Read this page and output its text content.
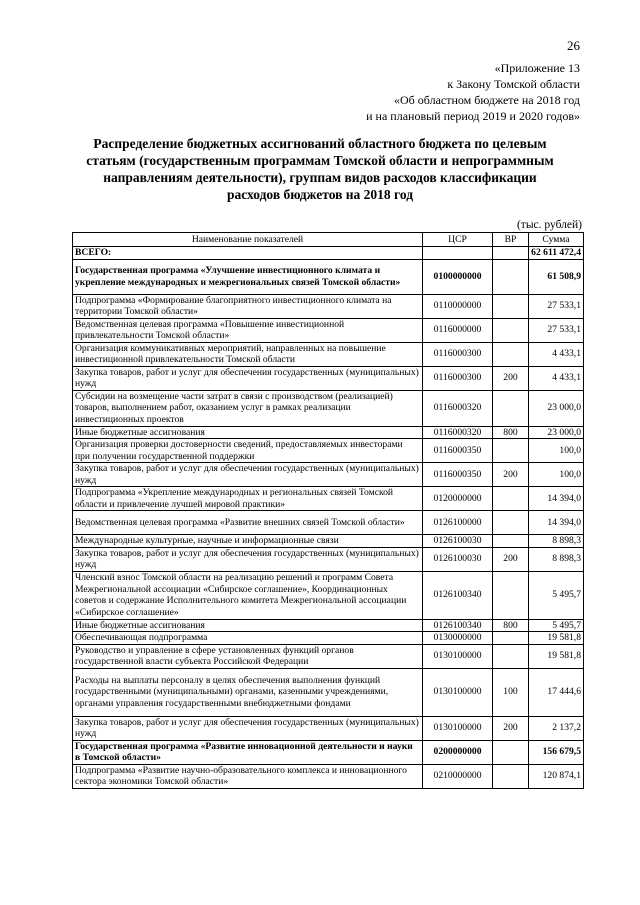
26
«Приложение 13
к Закону Томской области
«Об областном бюджете на 2018 год
и на плановый период 2019 и 2020 годов»
Распределение бюджетных ассигнований областного бюджета по целевым статьям (государственным программам Томской области и непрограммным направлениям деятельности), группам видов расходов классификации расходов бюджетов на 2018 год
(тыс. рублей)
Наименование показателей	ЦСР	ВР	Сумма
ВСЕГО:			62 611 472,4
Государственная программа «Улучшение инвестиционного климата и укрепление международных и межрегиональных связей Томской области»	0100000000		61 508,9
Подпрограмма «Формирование благоприятного инвестиционного климата на территории Томской области»	0110000000		27 533,1
Ведомственная целевая программа «Повышение инвестиционной привлекательности Томской области»	0116000000		27 533,1
Организация коммуникативных мероприятий, направленных на повышение инвестиционной привлекательности Томской области	0116000300		4 433,1
Закупка товаров, работ и услуг для обеспечения государственных (муниципальных) нужд	0116000300	200	4 433,1
Субсидии на возмещение части затрат в связи с производством (реализацией) товаров, выполнением работ, оказанием услуг в рамках реализации инвестиционных проектов	0116000320		23 000,0
Иные бюджетные ассигнования	0116000320	800	23 000,0
Организация проверки достоверности сведений, предоставляемых инвесторами при получении государственной поддержки	0116000350		100,0
Закупка товаров, работ и услуг для обеспечения государственных (муниципальных) нужд	0116000350	200	100,0
Подпрограмма «Укрепление международных и региональных связей Томской области и привлечение лучшей мировой практики»	0120000000		14 394,0
Ведомственная целевая программа «Развитие внешних связей Томской области»	0126100000		14 394,0
Международные культурные, научные и информационные связи	0126100030		8 898,3
Закупка товаров, работ и услуг для обеспечения государственных (муниципальных) нужд	0126100030	200	8 898,3
Членский взнос Томской области на реализацию решений и программ Совета Межрегиональной ассоциации «Сибирское соглашение», Координационных советов и содержание Исполнительного комитета Межрегиональной ассоциации «Сибирское соглашение»	0126100340		5 495,7
Иные бюджетные ассигнования	0126100340	800	5 495,7
Обеспечивающая подпрограмма	0130000000		19 581,8
Руководство и управление в сфере установленных функций органов государственной власти субъекта Российской Федерации	0130100000		19 581,8
Расходы на выплаты персоналу в целях обеспечения выполнения функций государственными (муниципальными) органами, казенными учреждениями, органами управления государственными внебюджетными фондами	0130100000	100	17 444,6
Закупка товаров, работ и услуг для обеспечения государственных (муниципальных) нужд	0130100000	200	2 137,2
Государственная программа «Развитие инновационной деятельности и науки в Томской области»	0200000000		156 679,5
Подпрограмма «Развитие научно-образовательного комплекса и инновационного сектора экономики Томской области»	0210000000		120 874,1
